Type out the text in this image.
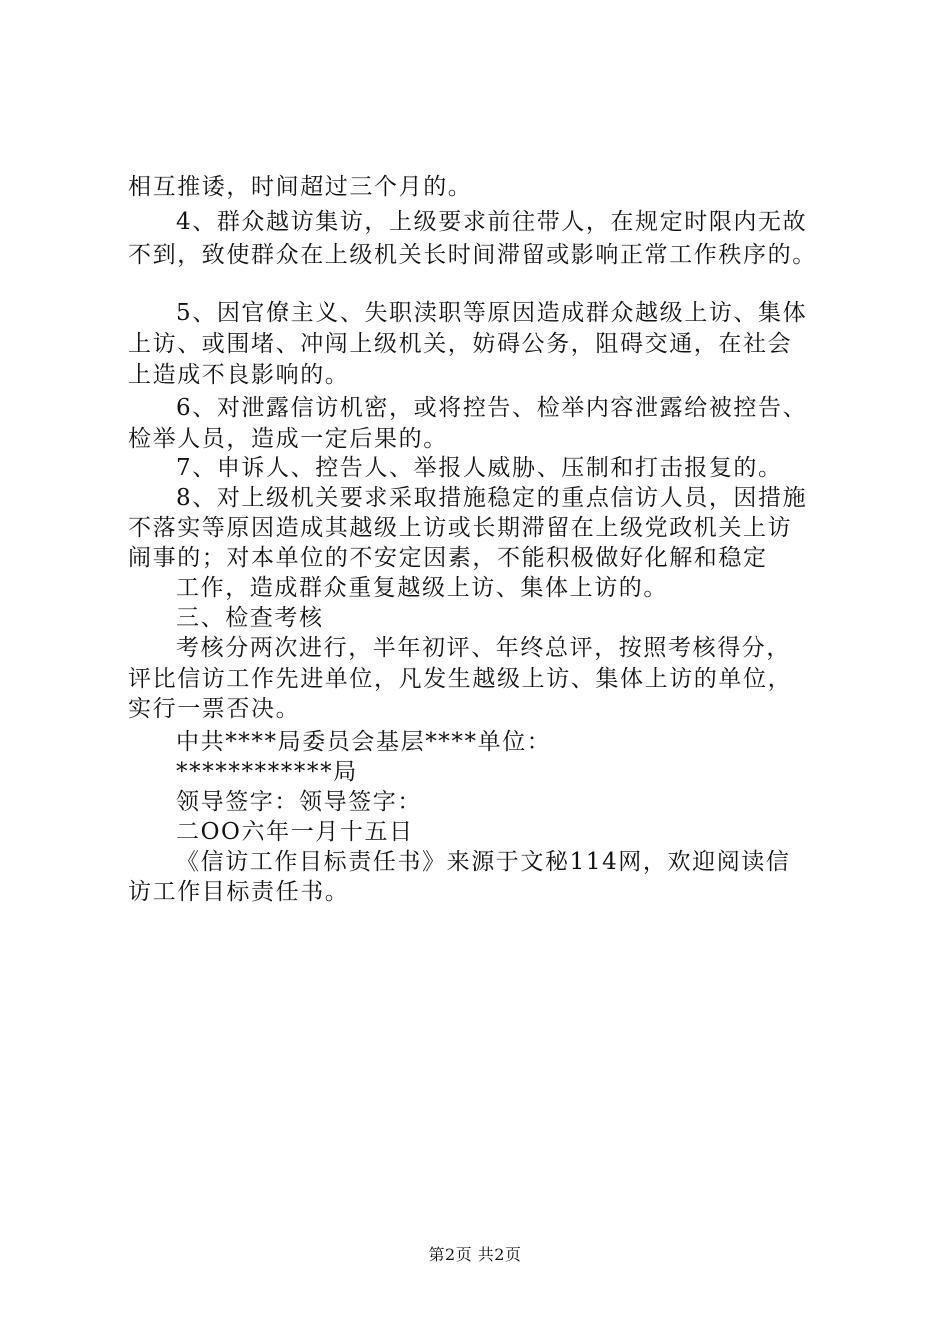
相互推诿，时间超过三个月的。
4、群众越访集访，上级要求前往带人，在规定时限内无故
不到，致使群众在上级机关长时间滞留或影响正常工作秩序的。
5、因官僚主义、失职渎职等原因造成群众越级上访、集体
上访、或围堵、冲闯上级机关，妨碍公务，阻碍交通，在社会
上造成不良影响的。
6、对泄露信访机密，或将控告、检举内容泄露给被控告、
检举人员，造成一定后果的。
7、申诉人、控告人、举报人威胁、压制和打击报复的。
8、对上级机关要求采取措施稳定的重点信访人员，因措施
不落实等原因造成其越级上访或长期滞留在上级党政机关上访
闹事的；对本单位的不安定因素，不能积极做好化解和稳定
工作，造成群众重复越级上访、集体上访的。
三、检查考核
考核分两次进行，半年初评、年终总评，按照考核得分，
评比信访工作先进单位，凡发生越级上访、集体上访的单位，
实行一票否决。
中共****局委员会基层****单位：
************局
领导签字：领导签字：
二OO六年一月十五日
《信访工作目标责任书》来源于文秘114网，欢迎阅读信
访工作目标责任书。
第2页 共2页
